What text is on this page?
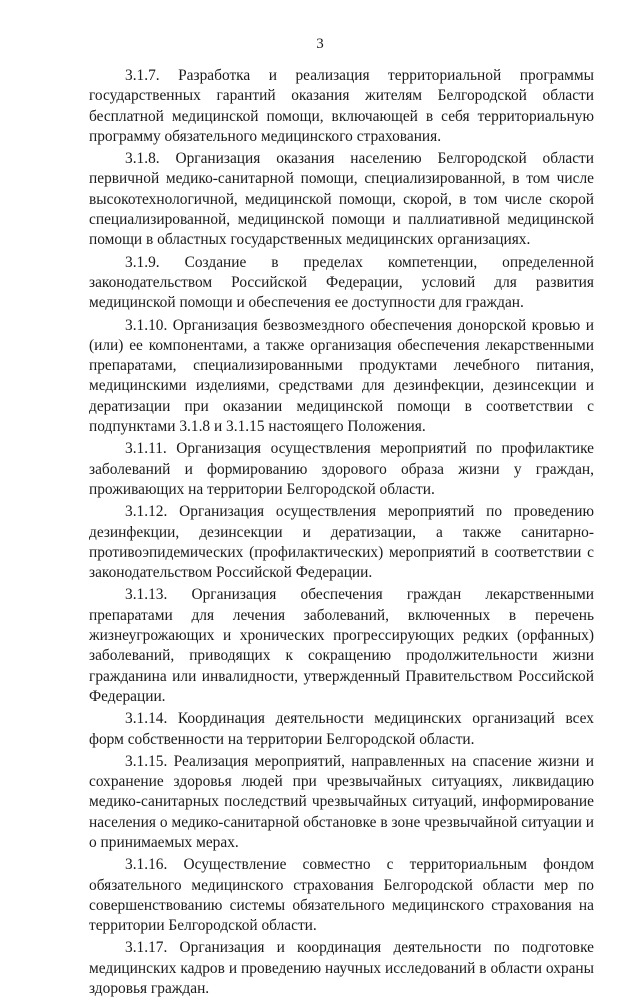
3

3.1.7. Разработка и реализация территориальной программы государственных гарантий оказания жителям Белгородской области бесплатной медицинской помощи, включающей в себя территориальную программу обязательного медицинского страхования.

3.1.8. Организация оказания населению Белгородской области первичной медико-санитарной помощи, специализированной, в том числе высокотехнологичной, медицинской помощи, скорой, в том числе скорой специализированной, медицинской помощи и паллиативной медицинской помощи в областных государственных медицинских организациях.

3.1.9. Создание в пределах компетенции, определенной законодательством Российской Федерации, условий для развития медицинской помощи и обеспечения ее доступности для граждан.

3.1.10. Организация безвозмездного обеспечения донорской кровью и (или) ее компонентами, а также организация обеспечения лекарственными препаратами, специализированными продуктами лечебного питания, медицинскими изделиями, средствами для дезинфекции, дезинсекции и дератизации при оказании медицинской помощи в соответствии с подпунктами 3.1.8 и 3.1.15 настоящего Положения.

3.1.11. Организация осуществления мероприятий по профилактике заболеваний и формированию здорового образа жизни у граждан, проживающих на территории Белгородской области.

3.1.12. Организация осуществления мероприятий по проведению дезинфекции, дезинсекции и дератизации, а также санитарно-противоэпидемических (профилактических) мероприятий в соответствии с законодательством Российской Федерации.

3.1.13. Организация обеспечения граждан лекарственными препаратами для лечения заболеваний, включенных в перечень жизнеугрожающих и хронических прогрессирующих редких (орфанных) заболеваний, приводящих к сокращению продолжительности жизни гражданина или инвалидности, утвержденный Правительством Российской Федерации.

3.1.14. Координация деятельности медицинских организаций всех форм собственности на территории Белгородской области.

3.1.15. Реализация мероприятий, направленных на спасение жизни и сохранение здоровья людей при чрезвычайных ситуациях, ликвидацию медико-санитарных последствий чрезвычайных ситуаций, информирование населения о медико-санитарной обстановке в зоне чрезвычайной ситуации и о принимаемых мерах.

3.1.16. Осуществление совместно с территориальным фондом обязательного медицинского страхования Белгородской области мер по совершенствованию системы обязательного медицинского страхования на территории Белгородской области.

3.1.17. Организация и координация деятельности по подготовке медицинских кадров и проведению научных исследований в области охраны здоровья граждан.
